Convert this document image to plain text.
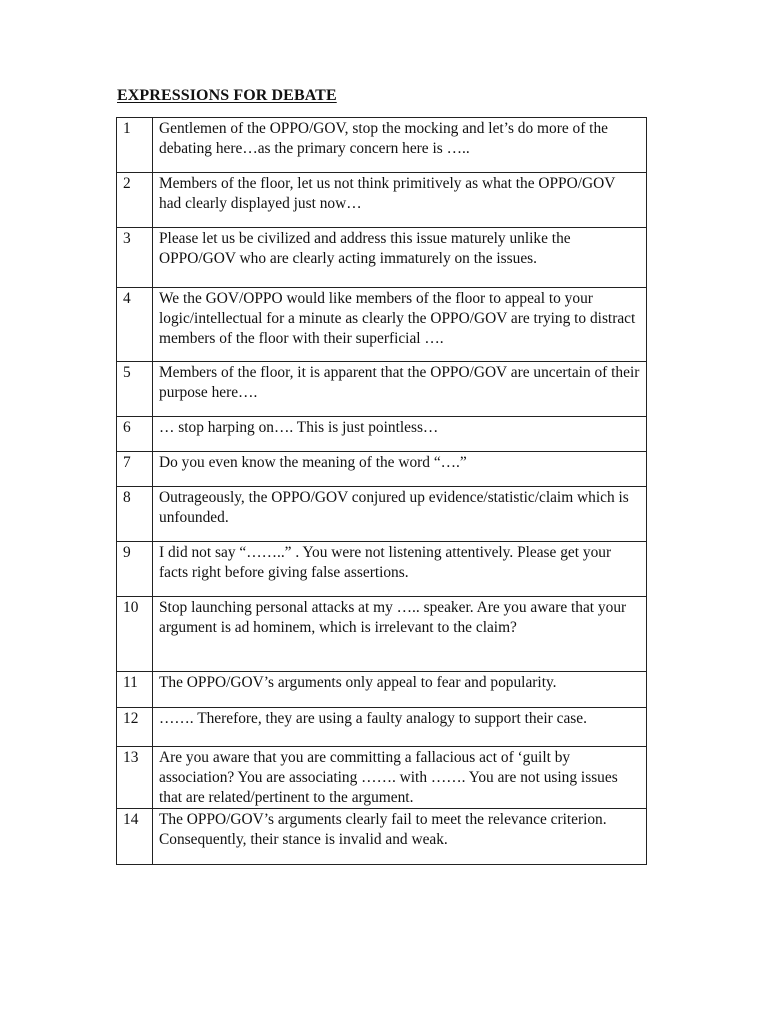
EXPRESSIONS FOR DEBATE
1	Gentlemen of the OPPO/GOV, stop the mocking and let’s do more of the debating here…as the primary concern here is …..
2	Members of the floor, let us not think primitively as what the OPPO/GOV had clearly displayed just now…
3	Please let us be civilized and address this issue maturely unlike the OPPO/GOV who are clearly acting immaturely on the issues.
4	We the GOV/OPPO would like members of the floor to appeal to your logic/intellectual for a minute as clearly the OPPO/GOV are trying to distract members of the floor with their superficial ….
5	Members of the floor, it is apparent that the OPPO/GOV are uncertain of their purpose here….
6	… stop harping on…. This is just pointless…
7	Do you even know the meaning of the word “….”
8	Outrageously, the OPPO/GOV conjured up evidence/statistic/claim which is unfounded.
9	I did not say “……..” . You were not listening attentively. Please get your facts right before giving false assertions.
10	Stop launching personal attacks at my ….. speaker. Are you aware that your argument is ad hominem, which is irrelevant to the claim?
11	The OPPO/GOV’s arguments only appeal to fear and popularity.
12	……. Therefore, they are using a faulty analogy to support their case.
13	Are you aware that you are committing a fallacious act of ‘guilt by association? You are associating ……. with ……. You are not using issues that are related/pertinent to the argument.
14	The OPPO/GOV’s arguments clearly fail to meet the relevance criterion. Consequently, their stance is invalid and weak.
